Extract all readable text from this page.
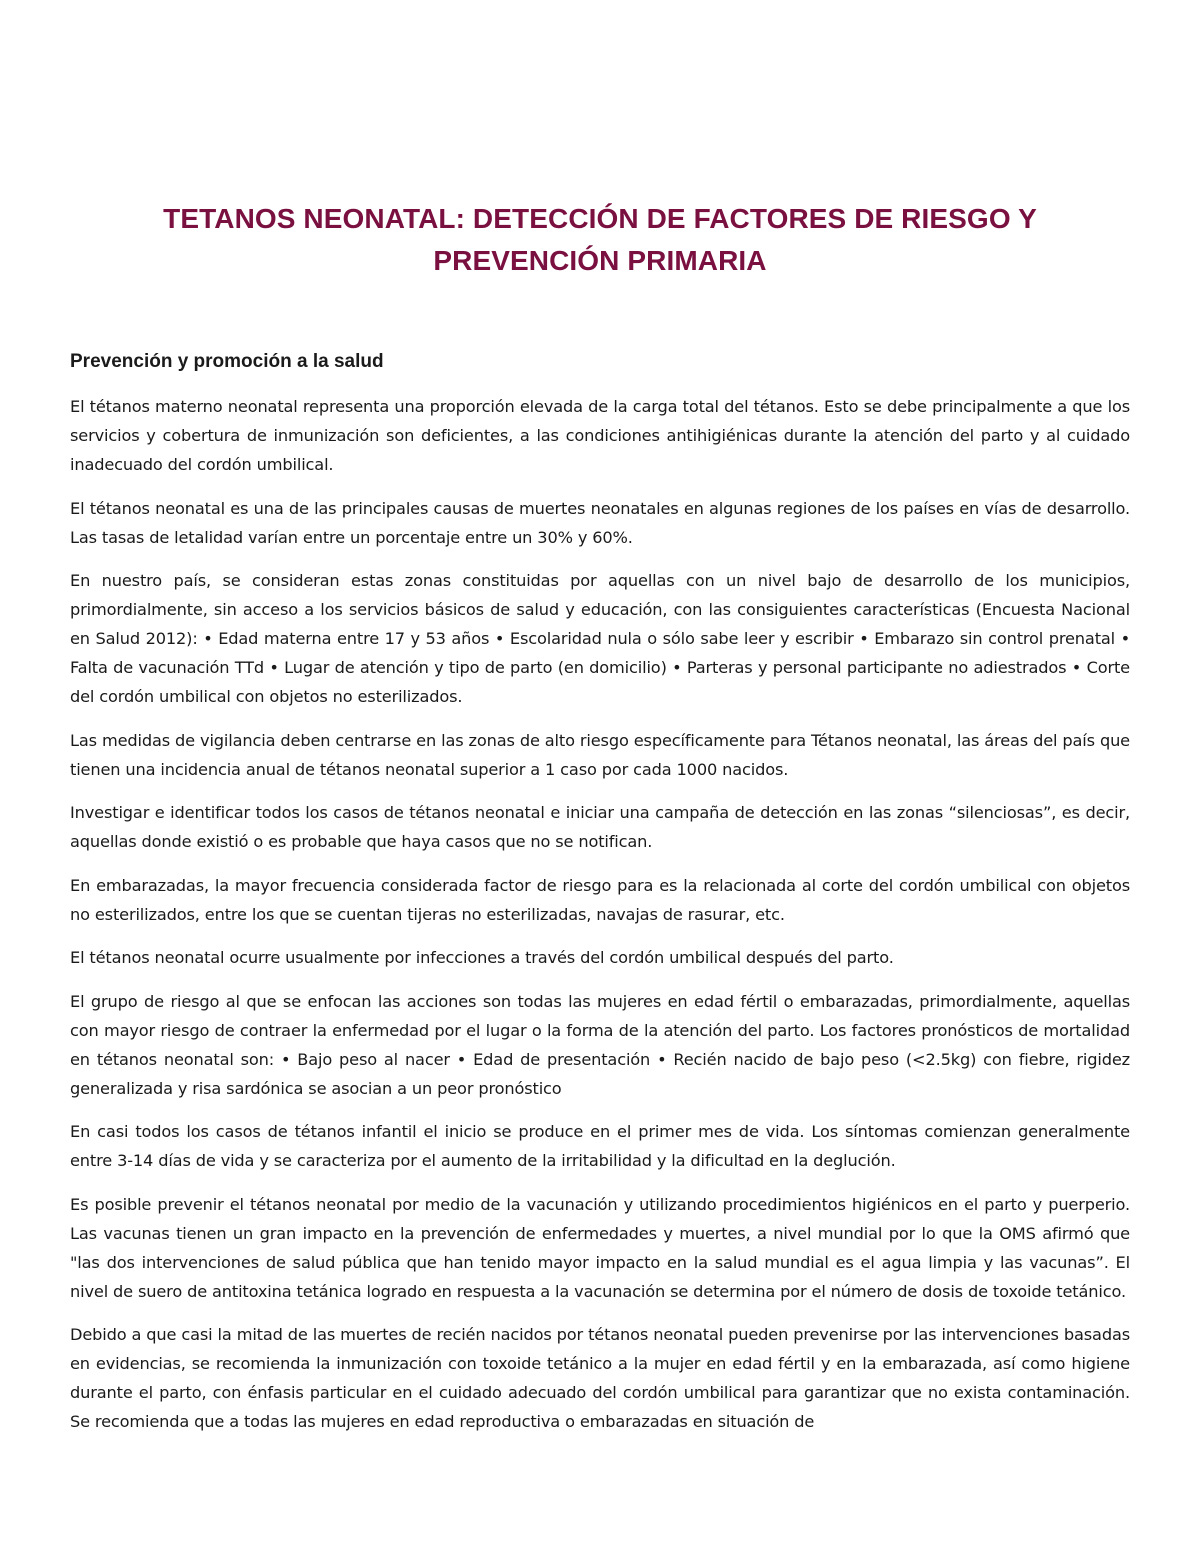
TETANOS NEONATAL: DETECCIÓN DE FACTORES DE RIESGO Y PREVENCIÓN PRIMARIA
Prevención y promoción a la salud

El tétanos materno neonatal representa una proporción elevada de la carga total del tétanos. Esto se debe principalmente a que los servicios y cobertura de inmunización son deficientes, a las condiciones antihigiénicas durante la atención del parto y al cuidado inadecuado del cordón umbilical.

El tétanos neonatal es una de las principales causas de muertes neonatales en algunas regiones de los países en vías de desarrollo. Las tasas de letalidad varían entre un porcentaje entre un 30% y 60%.

En nuestro país, se consideran estas zonas constituidas por aquellas con un nivel bajo de desarrollo de los municipios, primordialmente, sin acceso a los servicios básicos de salud y educación, con las consiguientes características (Encuesta Nacional en Salud 2012): • Edad materna entre 17 y 53 años • Escolaridad nula o sólo sabe leer y escribir • Embarazo sin control prenatal • Falta de vacunación TTd • Lugar de atención y tipo de parto (en domicilio) • Parteras y personal participante no adiestrados • Corte del cordón umbilical con objetos no esterilizados.

Las medidas de vigilancia deben centrarse en las zonas de alto riesgo específicamente para Tétanos neonatal, las áreas del país que tienen una incidencia anual de tétanos neonatal superior a 1 caso por cada 1000 nacidos.

Investigar e identificar todos los casos de tétanos neonatal e iniciar una campaña de detección en las zonas “silenciosas”, es decir, aquellas donde existió o es probable que haya casos que no se notifican.

En embarazadas, la mayor frecuencia considerada factor de riesgo para es la relacionada al corte del cordón umbilical con objetos no esterilizados, entre los que se cuentan tijeras no esterilizadas, navajas de rasurar, etc.

El tétanos neonatal ocurre usualmente por infecciones a través del cordón umbilical después del parto.

El grupo de riesgo al que se enfocan las acciones son todas las mujeres en edad fértil o embarazadas, primordialmente, aquellas con mayor riesgo de contraer la enfermedad por el lugar o la forma de la atención del parto. Los factores pronósticos de mortalidad en tétanos neonatal son: • Bajo peso al nacer • Edad de presentación • Recién nacido de bajo peso (<2.5kg) con fiebre, rigidez generalizada y risa sardónica se asocian a un peor pronóstico

En casi todos los casos de tétanos infantil el inicio se produce en el primer mes de vida. Los síntomas comienzan generalmente entre 3-14 días de vida y se caracteriza por el aumento de la irritabilidad y la dificultad en la deglución.

Es posible prevenir el tétanos neonatal por medio de la vacunación y utilizando procedimientos higiénicos en el parto y puerperio. Las vacunas tienen un gran impacto en la prevención de enfermedades y muertes, a nivel mundial por lo que la OMS afirmó que "las dos intervenciones de salud pública que han tenido mayor impacto en la salud mundial es el agua limpia y las vacunas”. El nivel de suero de antitoxina tetánica logrado en respuesta a la vacunación se determina por el número de dosis de toxoide tetánico.

Debido a que casi la mitad de las muertes de recién nacidos por tétanos neonatal pueden prevenirse por las intervenciones basadas en evidencias, se recomienda la inmunización con toxoide tetánico a la mujer en edad fértil y en la embarazada, así como higiene durante el parto, con énfasis particular en el cuidado adecuado del cordón umbilical para garantizar que no exista contaminación. Se recomienda que a todas las mujeres en edad reproductiva o embarazadas en situación de
